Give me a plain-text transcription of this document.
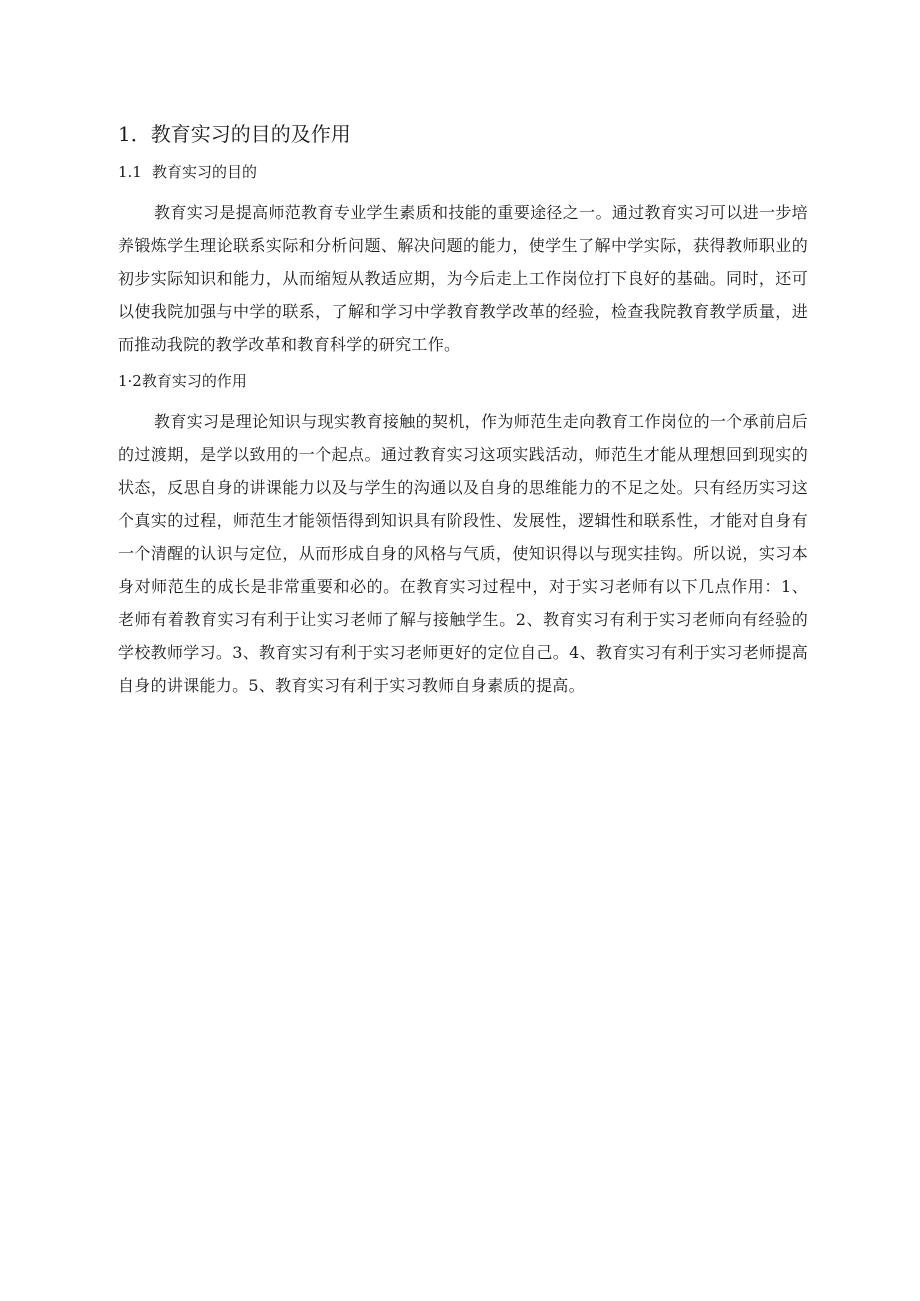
1．教育实习的目的及作用
1.1 教育实习的目的

教育实习是提高师范教育专业学生素质和技能的重要途径之一。通过教育实习可以进一步培养锻炼学生理论联系实际和分析问题、解决问题的能力，使学生了解中学实际，获得教师职业的初步实际知识和能力，从而缩短从教适应期，为今后走上工作岗位打下良好的基础。同时，还可以使我院加强与中学的联系，了解和学习中学教育教学改革的经验，检查我院教育教学质量，进而推动我院的教学改革和教育科学的研究工作。

1·2教育实习的作用

教育实习是理论知识与现实教育接触的契机，作为师范生走向教育工作岗位的一个承前启后的过渡期，是学以致用的一个起点。通过教育实习这项实践活动，师范生才能从理想回到现实的状态，反思自身的讲课能力以及与学生的沟通以及自身的思维能力的不足之处。只有经历实习这个真实的过程，师范生才能领悟得到知识具有阶段性、发展性，逻辑性和联系性，才能对自身有一个清醒的认识与定位，从而形成自身的风格与气质，使知识得以与现实挂钩。所以说，实习本身对师范生的成长是非常重要和必的。在教育实习过程中，对于实习老师有以下几点作用：1、老师有着教育实习有利于让实习老师了解与接触学生。2、教育实习有利于实习老师向有经验的学校教师学习。3、教育实习有利于实习老师更好的定位自己。4、教育实习有利于实习老师提高自身的讲课能力。5、教育实习有利于实习教师自身素质的提高。
